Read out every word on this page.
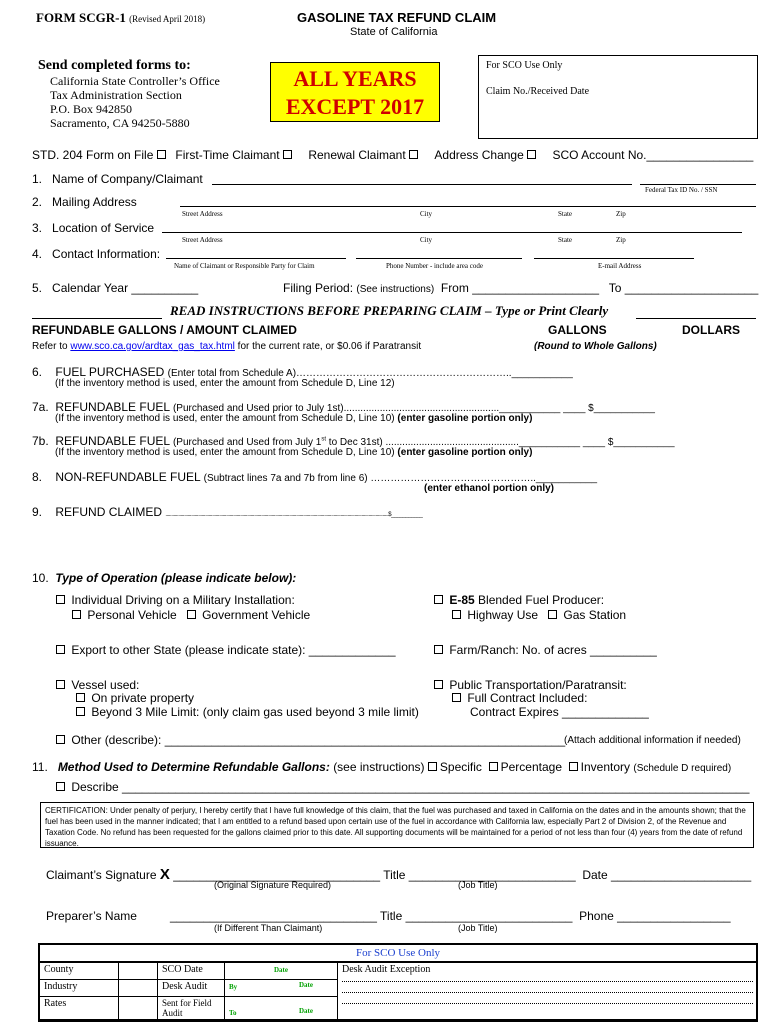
FORM SCGR-1 (Revised April 2018)	GASOLINE TAX REFUND CLAIM
State of California
Send completed forms to:
California State Controller’s Office
Tax Administration Section
P.O. Box 942850
Sacramento, CA 94250-5880
ALL YEARS
EXCEPT 2017
For SCO Use Only
Claim No./Received Date
STD. 204 Form on File First-Time Claimant Renewal Claimant Address Change SCO Account No.________________
1. Name of Company/Claimant
Federal Tax ID No. / SSN
2. Mailing Address
Street Address	City	State	Zip
3. Location of Service
Street Address	City	State	Zip
4. Contact Information:
Name of Claimant or Responsible Party for Claim	Phone Number - include area code	E-mail Address
5. Calendar Year __________	Filing Period: (See instructions) From ___________________ To ____________________
READ INSTRUCTIONS BEFORE PREPARING CLAIM – Type or Print Clearly
REFUNDABLE GALLONS / AMOUNT CLAIMED	GALLONS	DOLLARS
Refer to www.sco.ca.gov/ardtax_gas_tax.html for the current rate, or $0.06 if Paratransit	(Round to Whole Gallons)
6. FUEL PURCHASED (Enter total from Schedule A)………………………………………………………..___________
(If the inventory method is used, enter the amount from Schedule D, Line 12)
7a. REFUNDABLE FUEL (Purchased and Used prior to July 1st)........................................................___________ ____ $___________
(If the inventory method is used, enter the amount from Schedule D, Line 10) (enter gasoline portion only)
7b. REFUNDABLE FUEL (Purchased and Used from July 1st to Dec 31st) ................................................___________ ____ $___________
(If the inventory method is used, enter the amount from Schedule D, Line 10) (enter gasoline portion only)
8. NON-REFUNDABLE FUEL (Subtract lines 7a and 7b from line 6) …………………………………………..___________
(enter ethanol portion only)
9. REFUND CLAIMED ...............................................................................................................................................................................................$___________
10. Type of Operation (please indicate below):
Individual Driving on a Military Installation:
Personal Vehicle Government Vehicle
E-85 Blended Fuel Producer:
Highway Use Gas Station
Export to other State (please indicate state): _____________	Farm/Ranch: No. of acres __________
Vessel used:
On private property
Beyond 3 Mile Limit: (only claim gas used beyond 3 mile limit)
Public Transportation/Paratransit:
Full Contract Included:
Contract Expires _____________
Other (describe): ____________________________________________________________
(Attach additional information if needed)
11. Method Used to Determine Refundable Gallons: (see instructions) Specific Percentage Inventory (Schedule D required)
Describe ______________________________________________________________________________________________
CERTIFICATION: Under penalty of perjury, I hereby certify that I have full knowledge of this claim, that the fuel was purchased and taxed in California on the dates and in the amounts shown; that the fuel has been used in the manner indicated; that I am entitled to a refund based upon certain use of the fuel in accordance with California law, especially Part 2 of Division 2, of the Revenue and Taxation Code. No refund has been requested for the gallons claimed prior to this date. All supporting documents will be maintained for a period of not less than four (4) years from the date of refund issuance.
Claimant’s Signature X _______________________________ Title _________________________ Date _____________________
(Original Signature Required)	(Job Title)
Preparer’s Name	_______________________________ Title _________________________ Phone _________________
(If Different Than Claimant)	(Job Title)
For SCO Use Only
County		SCO Date	Date	Desk Audit Exception

Industry		Desk Audit	By Date	

Rates		Sent for Field Audit	To Date	
